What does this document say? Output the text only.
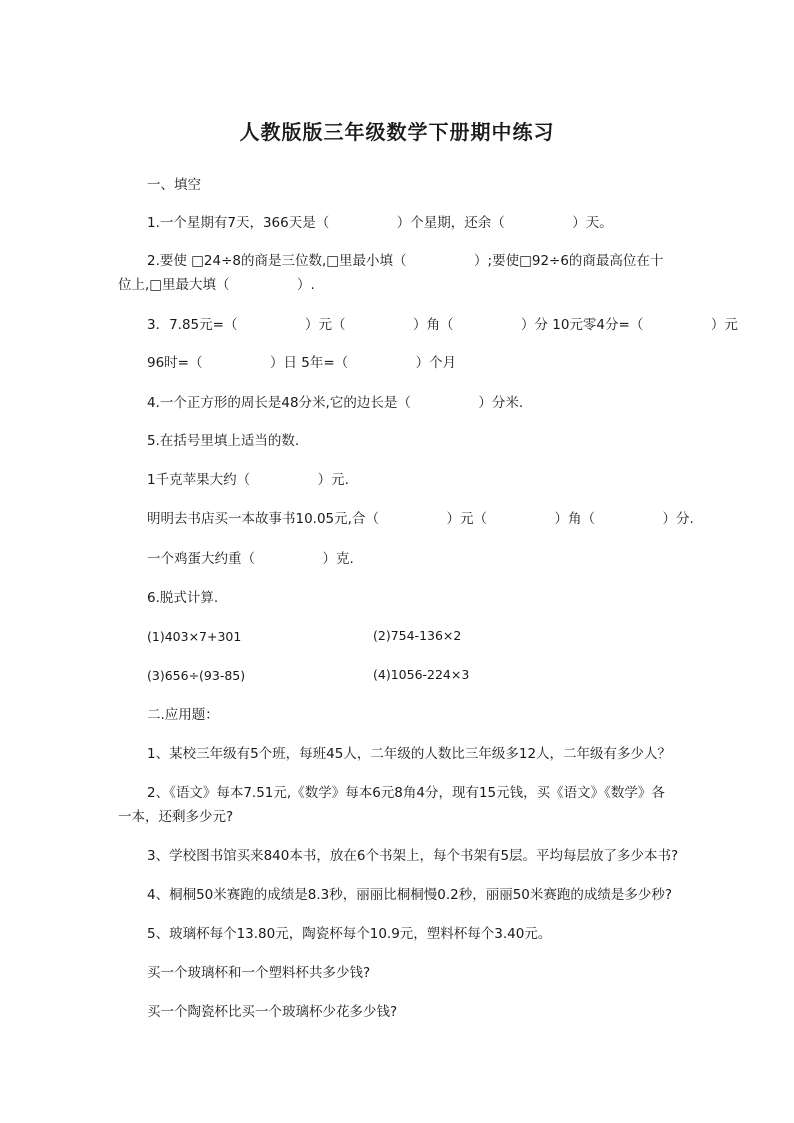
人教版版三年级数学下册期中练习
一、填空
1.一个星期有7天，366天是（　　　　　）个星期，还余（　　　　　）天。
2.要使 □24÷8的商是三位数,□里最小填（　　　　　）;要使□92÷6的商最高位在十
位上,□里最大填（　　　　　）.
3．7.85元=（　　　　　）元（　　　　　）角（　　　　　）分 10元零4分=（　　　　　）元
96时=（　　　　　）日 5年=（　　　　　）个月
4.一个正方形的周长是48分米,它的边长是（　　　　　）分米.
5.在括号里填上适当的数.
1千克苹果大约（　　　　　）元.
明明去书店买一本故事书10.05元,合（　　　　　）元（　　　　　）角（　　　　　）分.
一个鸡蛋大约重（　　　　　）克.
6.脱式计算.
(1)403×7+301	(2)754-136×2
(3)656÷(93-85)	(4)1056-224×3
二.应用题：
1、某校三年级有5个班，每班45人，二年级的人数比三年级多12人，二年级有多少人？
2、《语文》每本7.51元,《数学》每本6元8角4分，现有15元钱，买《语文》《数学》各
一本，还剩多少元?
3、学校图书馆买来840本书，放在6个书架上，每个书架有5层。平均每层放了多少本书?
4、桐桐50米赛跑的成绩是8.3秒，丽丽比桐桐慢0.2秒，丽丽50米赛跑的成绩是多少秒?
5、玻璃杯每个13.80元，陶瓷杯每个10.9元，塑料杯每个3.40元。
买一个玻璃杯和一个塑料杯共多少钱?
买一个陶瓷杯比买一个玻璃杯少花多少钱?
